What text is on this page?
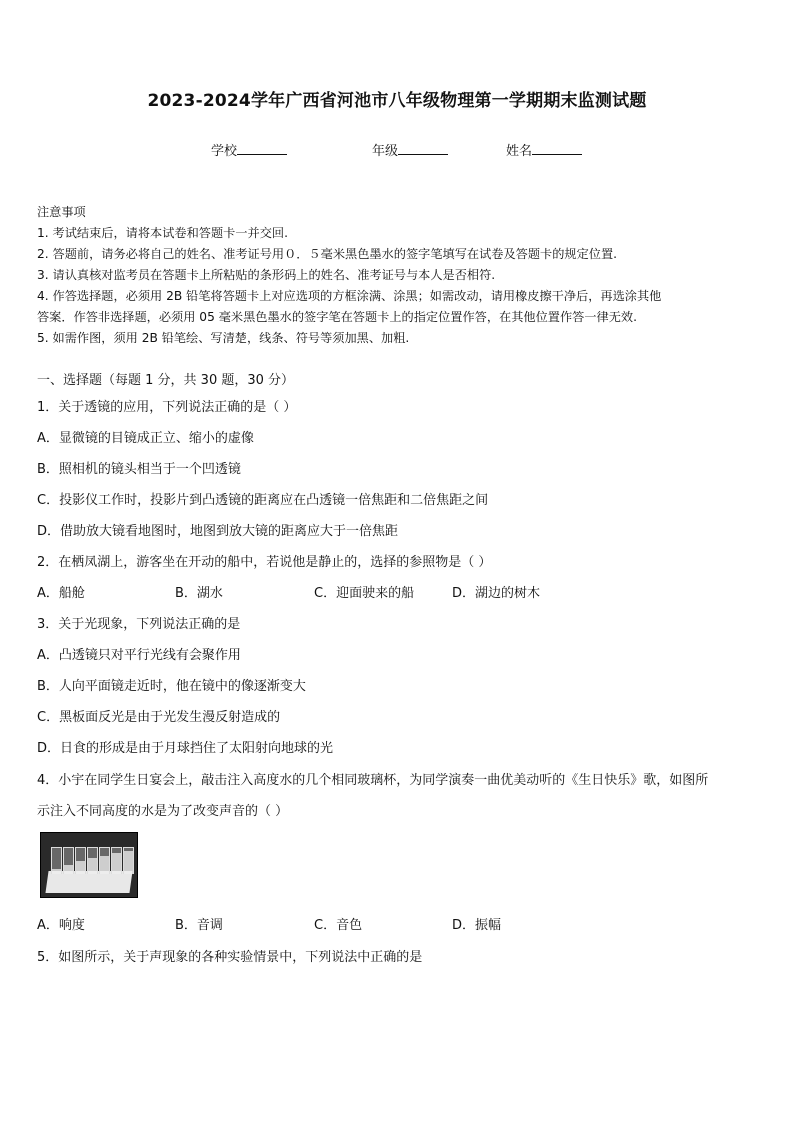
2023-2024学年广西省河池市八年级物理第一学期期末监测试题
学校	年级	姓名
注意事项
1. 考试结束后，请将本试卷和答题卡一并交回.
2. 答题前，请务必将自己的姓名、准考证号用０．５毫米黑色墨水的签字笔填写在试卷及答题卡的规定位置.
3. 请认真核对监考员在答题卡上所粘贴的条形码上的姓名、准考证号与本人是否相符.
4. 作答选择题，必须用 2B 铅笔将答题卡上对应选项的方框涂满、涂黑；如需改动，请用橡皮擦干净后，再选涂其他
答案．作答非选择题，必须用 05 毫米黑色墨水的签字笔在答题卡上的指定位置作答，在其他位置作答一律无效.
5. 如需作图，须用 2B 铅笔绘、写清楚，线条、符号等须加黑、加粗.
一、选择题（每题 1 分，共 30 题，30 分）
1．关于透镜的应用，下列说法正确的是（ ）
A．显微镜的目镜成正立、缩小的虚像
B．照相机的镜头相当于一个凹透镜
C．投影仪工作时，投影片到凸透镜的距离应在凸透镜一倍焦距和二倍焦距之间
D．借助放大镜看地图时，地图到放大镜的距离应大于一倍焦距
2．在栖凤湖上，游客坐在开动的船中，若说他是静止的，选择的参照物是（ ）
A．船舱	B．湖水	C．迎面驶来的船	D．湖边的树木
3．关于光现象，下列说法正确的是
A．凸透镜只对平行光线有会聚作用
B．人向平面镜走近时，他在镜中的像逐渐变大
C．黑板面反光是由于光发生漫反射造成的
D．日食的形成是由于月球挡住了太阳射向地球的光
4．小宇在同学生日宴会上，敲击注入高度水的几个相同玻璃杯，为同学演奏一曲优美动听的《生日快乐》歌，如图所
示注入不同高度的水是为了改变声音的（ ）
A．响度	B．音调	C．音色	D．振幅
5．如图所示，关于声现象的各种实验情景中，下列说法中正确的是
